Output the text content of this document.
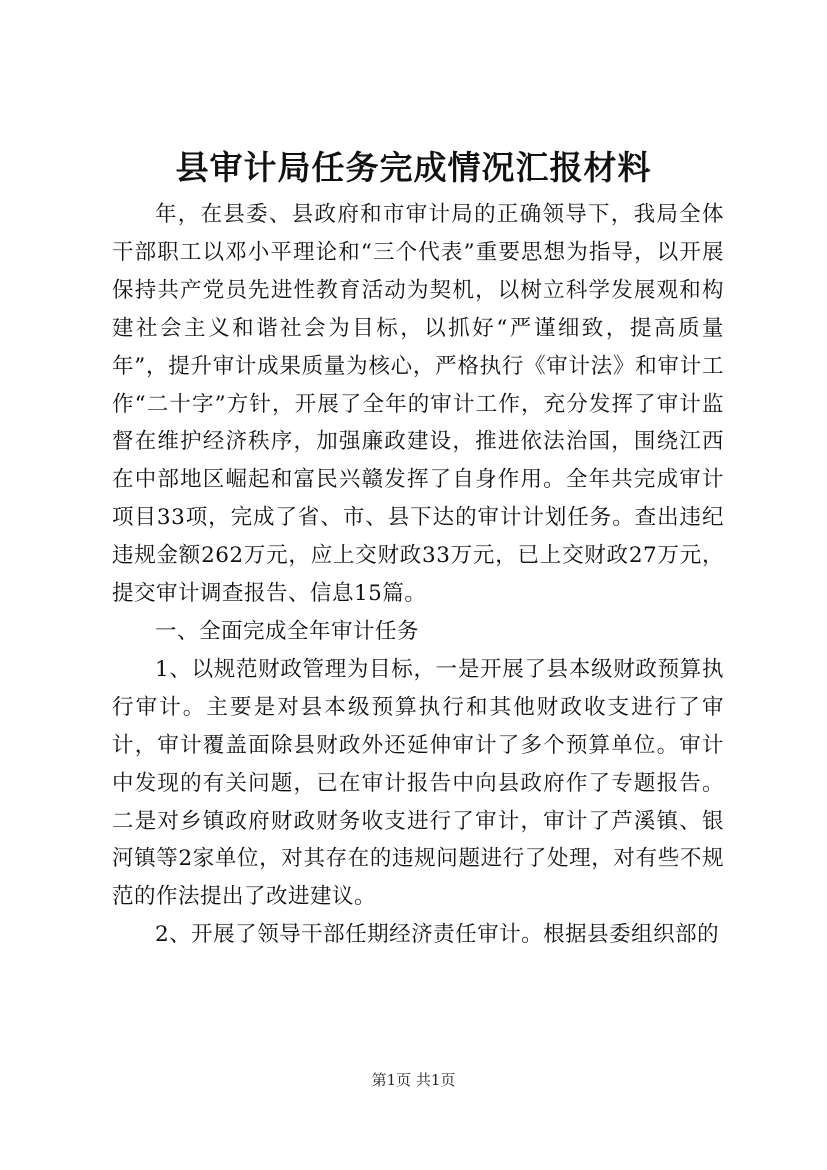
县审计局任务完成情况汇报材料

年，在县委、县政府和市审计局的正确领导下，我局全体干部职工以邓小平理论和“三个代表”重要思想为指导，以开展保持共产党员先进性教育活动为契机，以树立科学发展观和构建社会主义和谐社会为目标，以抓好“严谨细致，提高质量年”，提升审计成果质量为核心，严格执行《审计法》和审计工作“二十字”方针，开展了全年的审计工作，充分发挥了审计监督在维护经济秩序，加强廉政建设，推进依法治国，围绕江西在中部地区崛起和富民兴赣发挥了自身作用。全年共完成审计项目33项，完成了省、市、县下达的审计计划任务。查出违纪违规金额262万元，应上交财政33万元，已上交财政27万元，提交审计调查报告、信息15篇。

一、全面完成全年审计任务

1、以规范财政管理为目标，一是开展了县本级财政预算执行审计。主要是对县本级预算执行和其他财政收支进行了审计，审计覆盖面除县财政外还延伸审计了多个预算单位。审计中发现的有关问题，已在审计报告中向县政府作了专题报告。二是对乡镇政府财政财务收支进行了审计，审计了芦溪镇、银河镇等2家单位，对其存在的违规问题进行了处理，对有些不规范的作法提出了改进建议。

2、开展了领导干部任期经济责任审计。根据县委组织部的

第1页 共1页
